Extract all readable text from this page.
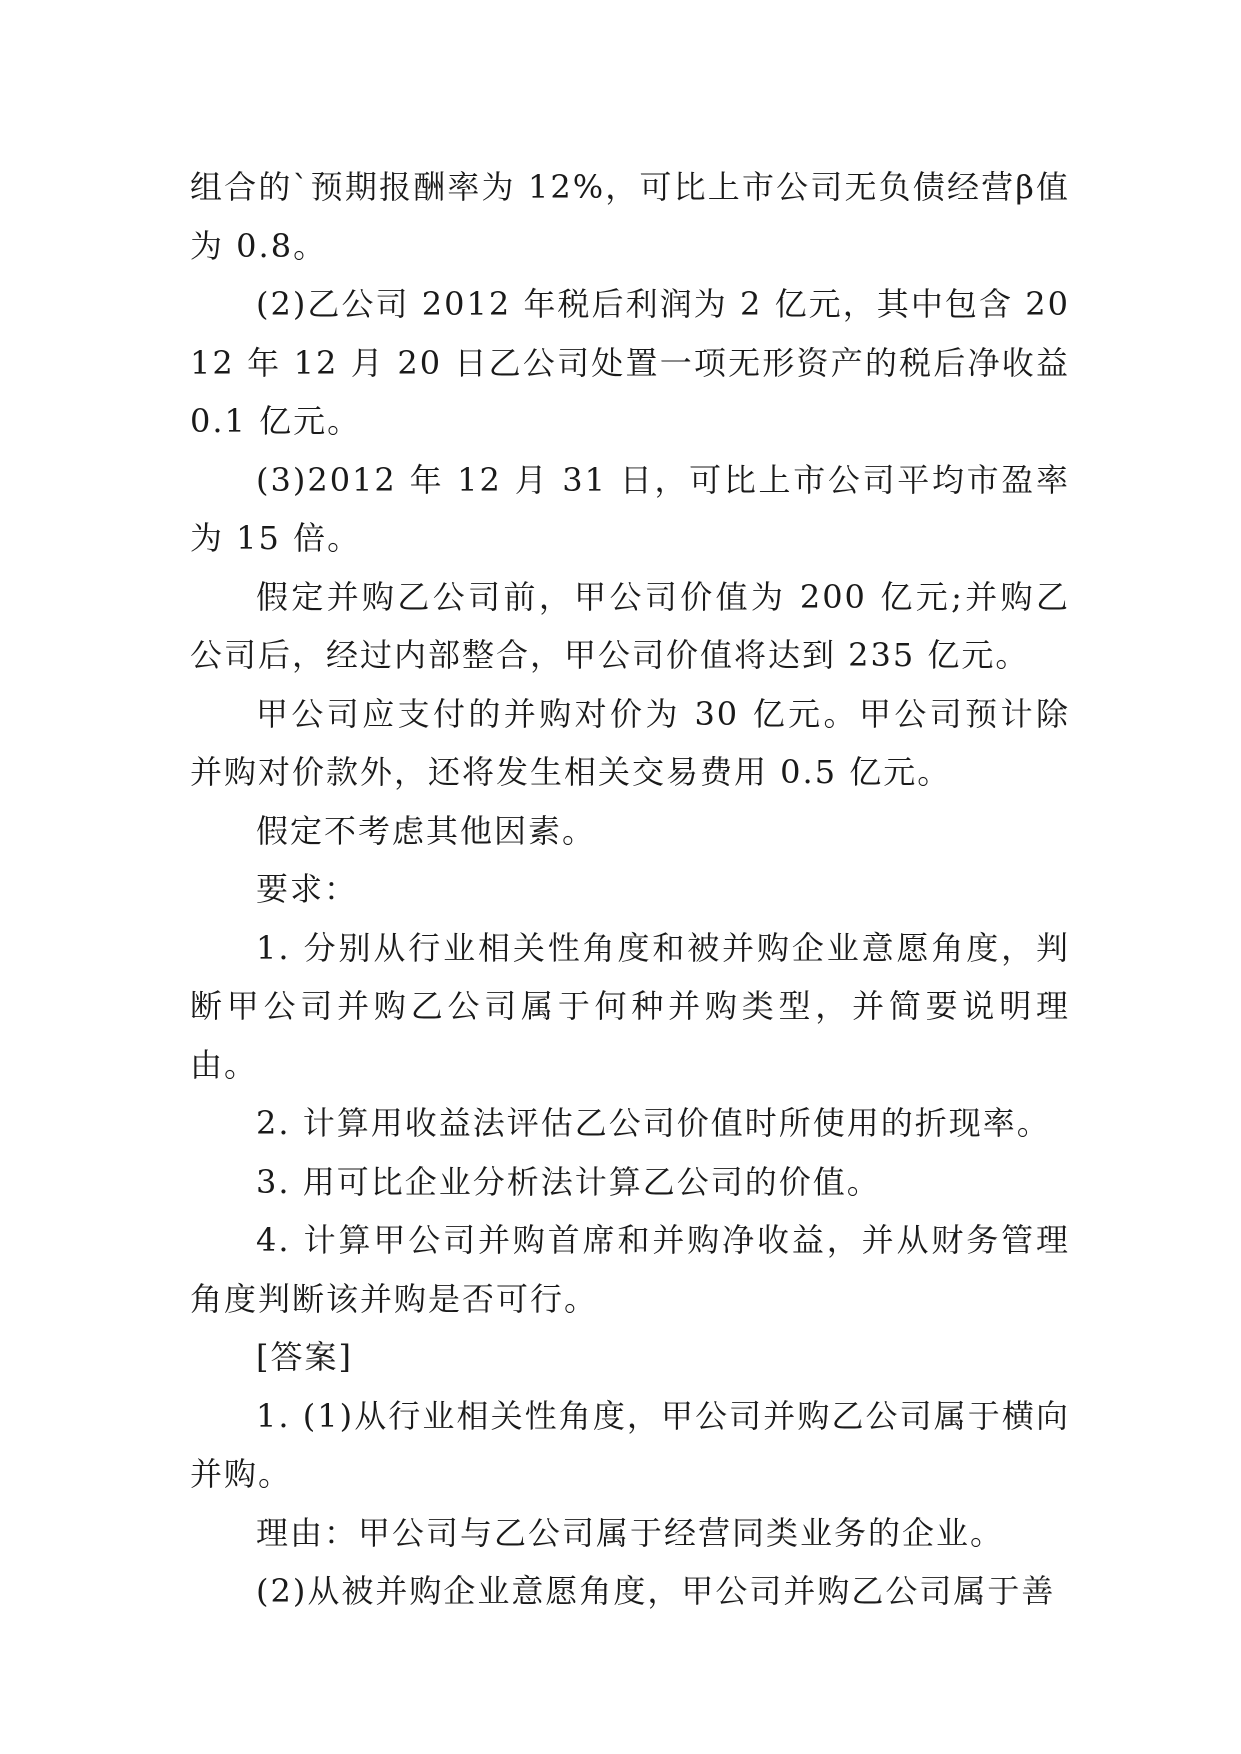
组合的`预期报酬率为 12%，可比上市公司无负债经营β值为 0.8。

(2)乙公司 2012 年税后利润为 2 亿元，其中包含 2012 年 12 月 20 日乙公司处置一项无形资产的税后净收益 0.1 亿元。

(3)2012 年 12 月 31 日，可比上市公司平均市盈率为 15 倍。

假定并购乙公司前，甲公司价值为 200 亿元;并购乙公司后，经过内部整合，甲公司价值将达到 235 亿元。

甲公司应支付的并购对价为 30 亿元。甲公司预计除并购对价款外，还将发生相关交易费用 0.5 亿元。

假定不考虑其他因素。

要求：

1. 分别从行业相关性角度和被并购企业意愿角度，判断甲公司并购乙公司属于何种并购类型，并简要说明理由。

2. 计算用收益法评估乙公司价值时所使用的折现率。

3. 用可比企业分析法计算乙公司的价值。

4. 计算甲公司并购首席和并购净收益，并从财务管理角度判断该并购是否可行。

[答案]

1. (1)从行业相关性角度，甲公司并购乙公司属于横向并购。

理由：甲公司与乙公司属于经营同类业务的企业。

(2)从被并购企业意愿角度，甲公司并购乙公司属于善
